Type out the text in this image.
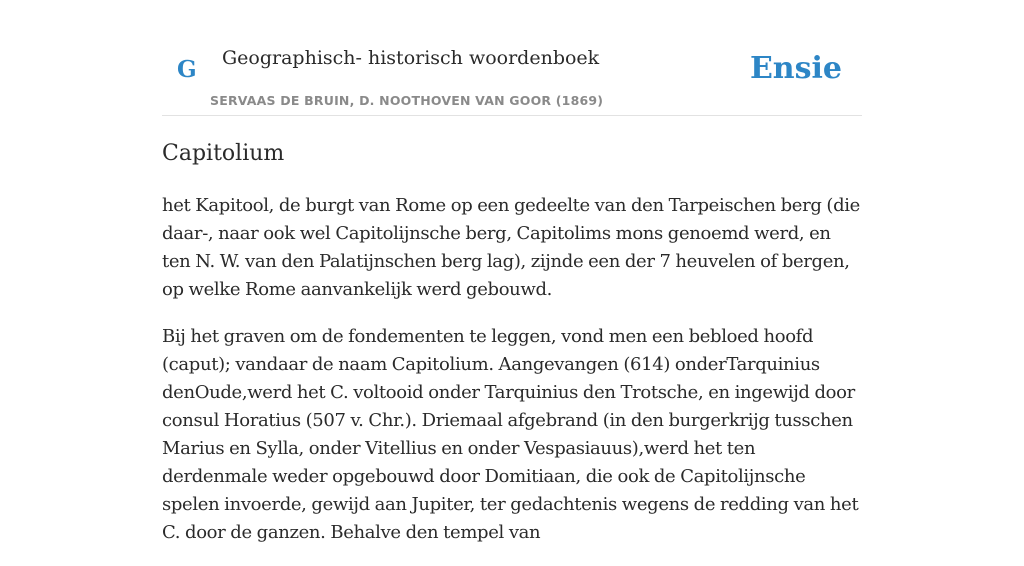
G Geographisch- historisch woordenboek
SERVAAS DE BRUIN, D. NOOTHOVEN VAN GOOR (1869)
Ensie
Capitolium

het Kapitool, de burgt van Rome op een gedeelte van den Tarpeischen berg (die daar-, naar ook wel Capitolijnsche berg, Capitolims mons genoemd werd, en ten N. W. van den Palatijnschen berg lag), zijnde een der 7 heuvelen of bergen, op welke Rome aanvankelijk werd gebouwd.

Bij het graven om de fondementen te leggen, vond men een bebloed hoofd (caput); vandaar de naam Capitolium. Aangevangen (614) onderTarquinius denOude,werd het C. voltooid onder Tarquinius den Trotsche, en ingewijd door consul Horatius (507 v. Chr.). Driemaal afgebrand (in den burgerkrijg tusschen Marius en Sylla, onder Vitellius en onder Vespasiauus),werd het ten derdenmale weder opgebouwd door Domitiaan, die ook de Capitolijnsche spelen invoerde, gewijd aan Jupiter, ter gedachtenis wegens de redding van het C. door de ganzen. Behalve den tempel van
